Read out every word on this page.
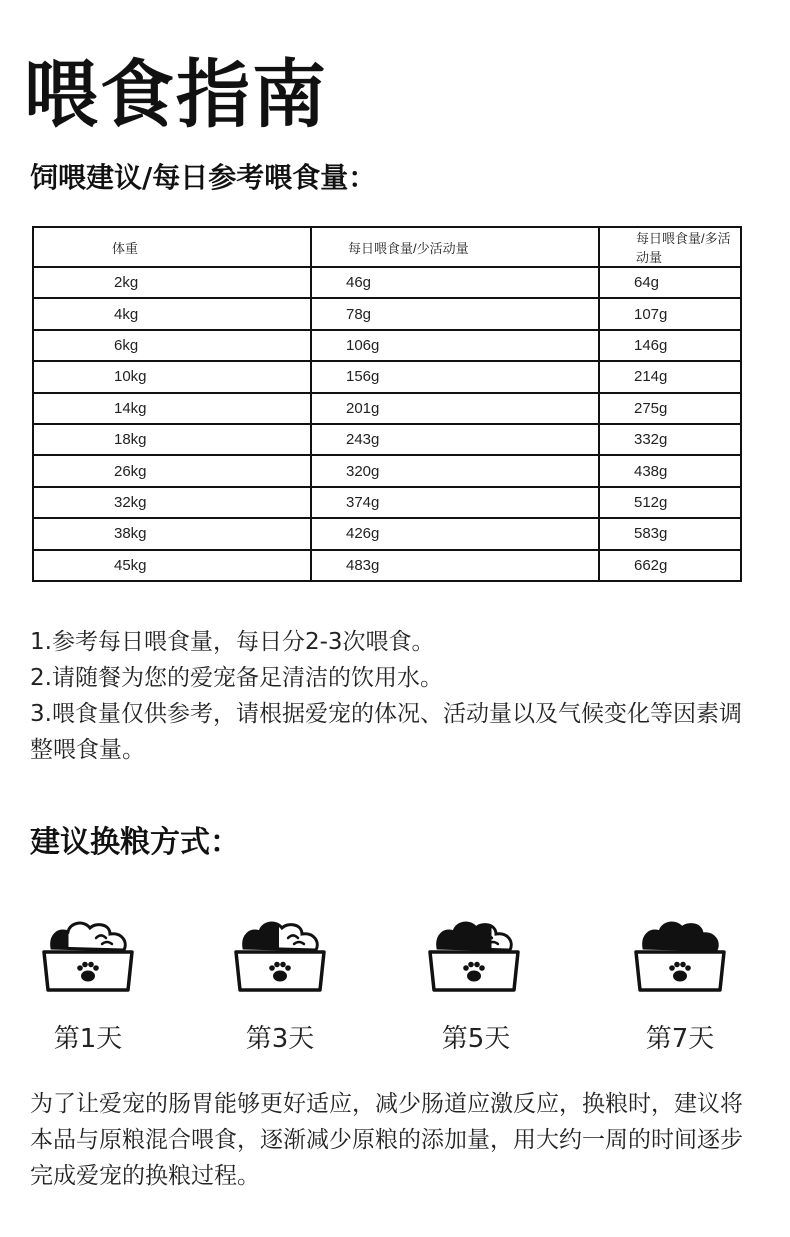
喂食指南
饲喂建议/每日参考喂食量：
体重	每日喂食量/少活动量	每日喂食量/多活动量
2kg	46g	64g
4kg	78g	107g
6kg	106g	146g
10kg	156g	214g
14kg	201g	275g
18kg	243g	332g
26kg	320g	438g
32kg	374g	512g
38kg	426g	583g
45kg	483g	662g

1.参考每日喂食量，每日分2-3次喂食。

2.请随餐为您的爱宠备足清洁的饮用水。

3.喂食量仅供参考，请根据爱宠的体况、活动量以及气候变化等因素调整喂食量。

建议换粮方式：
第1天	第3天	第5天	第7天
为了让爱宠的肠胃能够更好适应，减少肠道应激反应，换粮时，建议将本品与原粮混合喂食，逐渐减少原粮的添加量，用大约一周的时间逐步完成爱宠的换粮过程。
